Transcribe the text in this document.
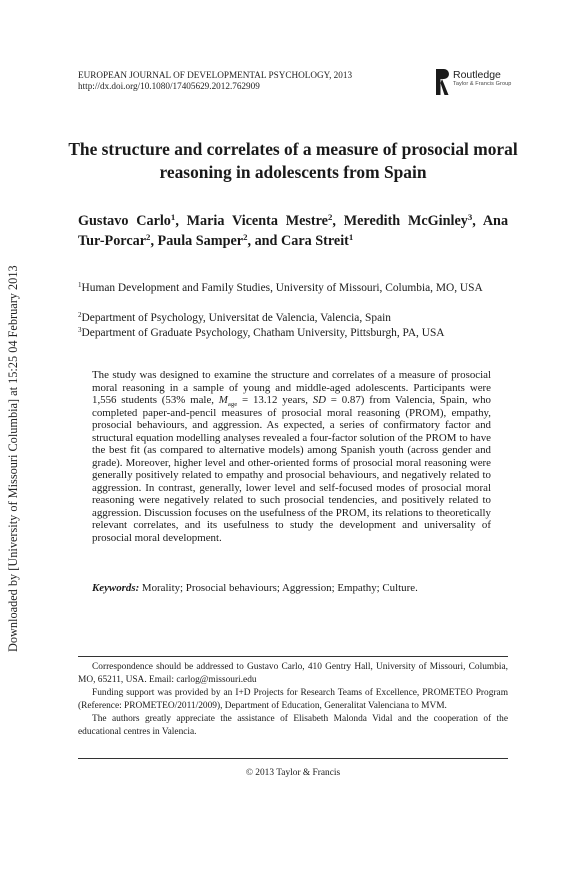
Downloaded by [University of Missouri Columbia] at 15:25 04 February 2013
EUROPEAN JOURNAL OF DEVELOPMENTAL PSYCHOLOGY, 2013
http://dx.doi.org/10.1080/17405629.2012.762909
Routledge
Taylor & Francis Group
The structure and correlates of a measure of prosocial moral reasoning in adolescents from Spain

Gustavo Carlo$^1$, Maria Vicenta Mestre$^2$, Meredith McGinley$^3$, Ana Tur-Porcar$^2$, Paula Samper$^2$, and Cara Streit$^1$

$^1$Human Development and Family Studies, University of Missouri, Columbia, MO, USA

$^2$Department of Psychology, Universitat de Valencia, Valencia, Spain

$^3$Department of Graduate Psychology, Chatham University, Pittsburgh, PA, USA

The study was designed to examine the structure and correlates of a measure of prosocial moral reasoning in a sample of young and middle-aged adolescents. Participants were 1,556 students (53% male, $M_{age} = 13.12$ years, SD = 0.87) from Valencia, Spain, who completed paper-and-pencil measures of prosocial moral reasoning (PROM), empathy, prosocial behaviours, and aggression. As expected, a series of confirmatory factor and structural equation modelling analyses revealed a four-factor solution of the PROM to have the best fit (as compared to alternative models) among Spanish youth (across gender and grade). Moreover, higher level and other-oriented forms of prosocial moral reasoning were generally positively related to empathy and prosocial behaviours, and negatively related to aggression. In contrast, generally, lower level and self-focused modes of prosocial moral reasoning were negatively related to such prosocial tendencies, and positively related to aggression. Discussion focuses on the usefulness of the PROM, its relations to theoretically relevant correlates, and its usefulness to study the development and universality of prosocial moral development.

Keywords: Morality; Prosocial behaviours; Aggression; Empathy; Culture.

Correspondence should be addressed to Gustavo Carlo, 410 Gentry Hall, University of Missouri, Columbia, MO, 65211, USA. Email: carlog@missouri.edu

Funding support was provided by an I+D Projects for Research Teams of Excellence, PROMETEO Program (Reference: PROMETEO/2011/2009), Department of Education, Generalitat Valenciana to MVM.

The authors greatly appreciate the assistance of Elisabeth Malonda Vidal and the cooperation of the educational centres in Valencia.

© 2013 Taylor & Francis
